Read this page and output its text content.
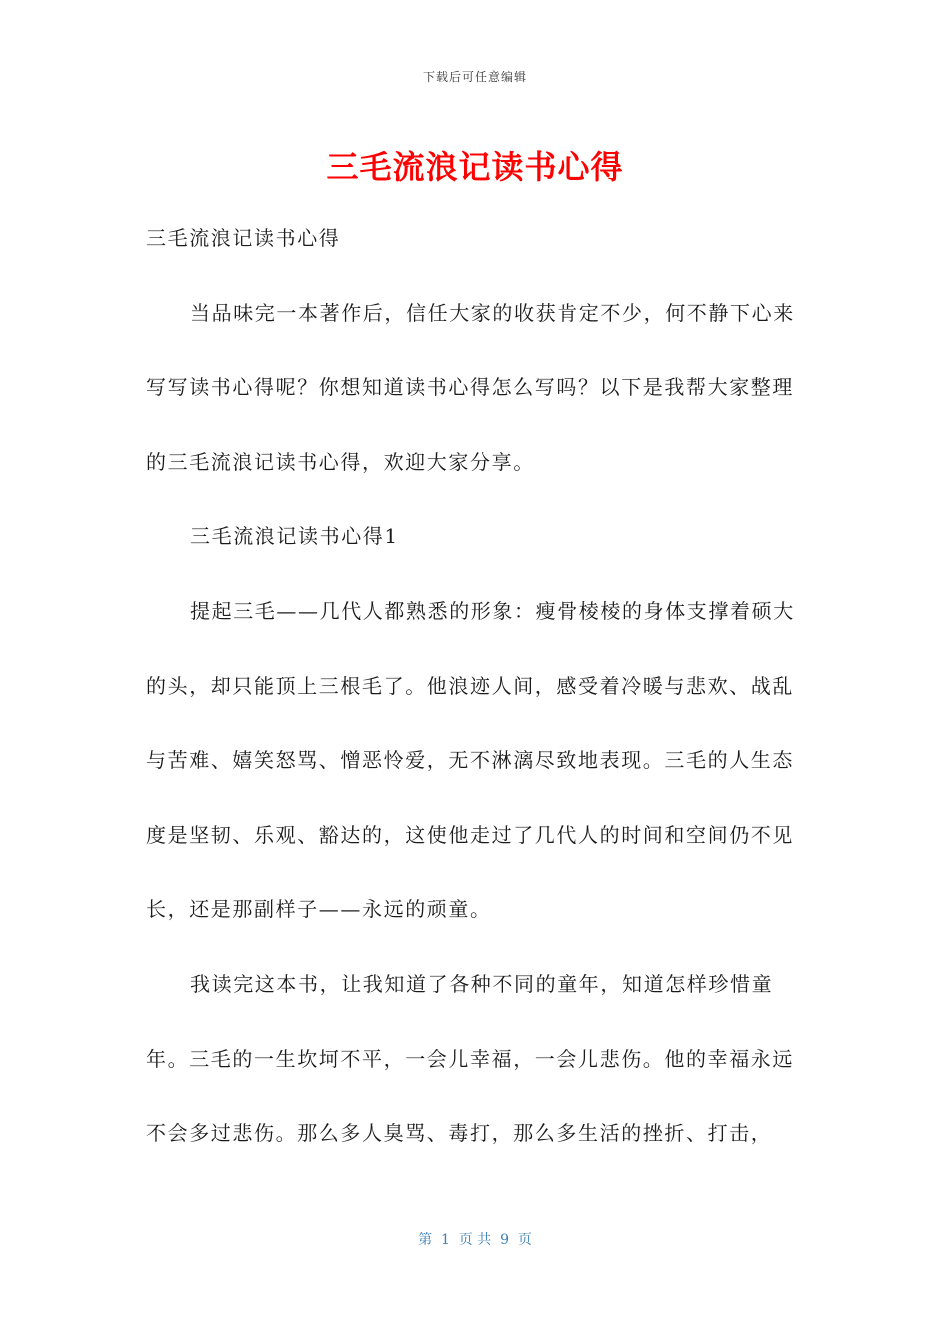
下载后可任意编辑
三毛流浪记读书心得

三毛流浪记读书心得

当品味完一本著作后，信任大家的收获肯定不少，何不静下心来写写读书心得呢？你想知道读书心得怎么写吗？以下是我帮大家整理的三毛流浪记读书心得，欢迎大家分享。

三毛流浪记读书心得1

提起三毛——几代人都熟悉的形象：瘦骨棱棱的身体支撑着硕大的头，却只能顶上三根毛了。他浪迹人间，感受着冷暖与悲欢、战乱与苦难、嬉笑怒骂、憎恶怜爱，无不淋漓尽致地表现。三毛的人生态度是坚韧、乐观、豁达的，这使他走过了几代人的时间和空间仍不见长，还是那副样子——永远的顽童。

我读完这本书，让我知道了各种不同的童年，知道怎样珍惜童年。三毛的一生坎坷不平，一会儿幸福，一会儿悲伤。他的幸福永远不会多过悲伤。那么多人臭骂、毒打，那么多生活的挫折、打击，

第  1  页 共  9  页
